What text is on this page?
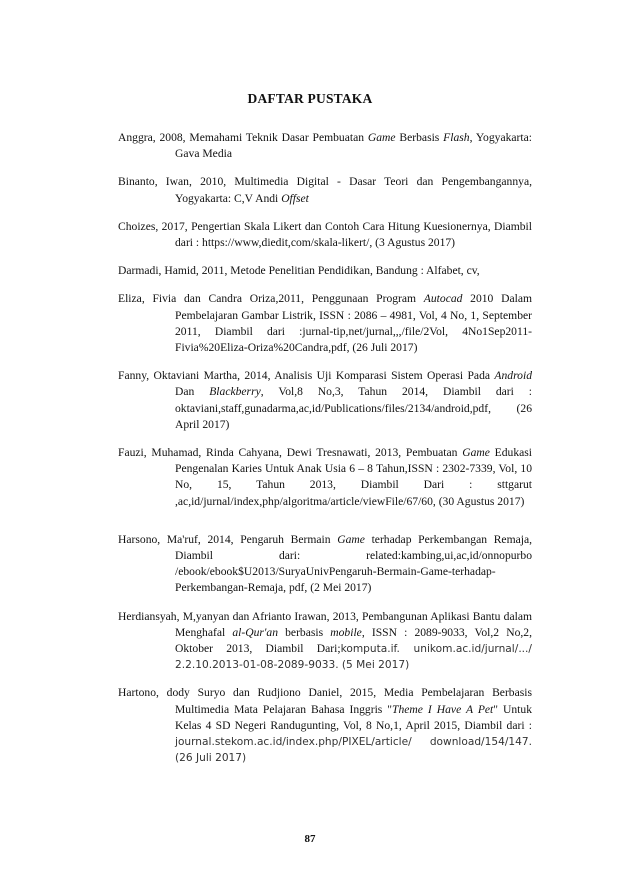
DAFTAR PUSTAKA

Anggra, 2008, Memahami Teknik Dasar Pembuatan Game Berbasis Flash, Yogyakarta: Gava Media

Binanto, Iwan, 2010, Multimedia Digital - Dasar Teori dan Pengembangannya, Yogyakarta: C,V Andi Offset

Choizes, 2017, Pengertian Skala Likert dan Contoh Cara Hitung Kuesionernya, Diambil dari : https://www,diedit,com/skala-likert/, (3 Agustus 2017)

Darmadi, Hamid, 2011, Metode Penelitian Pendidikan, Bandung : Alfabet, cv,

Eliza, Fivia dan Candra Oriza,2011, Penggunaan Program Autocad 2010 Dalam Pembelajaran Gambar Listrik, ISSN : 2086 – 4981, Vol, 4 No, 1, September 2011, Diambil dari :jurnal-tip,net/jurnal,,,/file/2Vol, 4No1Sep2011-Fivia%20Eliza-Oriza%20Candra,pdf, (26 Juli 2017)

Fanny, Oktaviani Martha, 2014, Analisis Uji Komparasi Sistem Operasi Pada Android Dan Blackberry, Vol,8 No,3, Tahun 2014, Diambil dari : oktaviani,staff,gunadarma,ac,id/Publications/files/2134/android,pdf, (26 April 2017)

Fauzi, Muhamad, Rinda Cahyana, Dewi Tresnawati, 2013, Pembuatan Game Edukasi Pengenalan Karies Untuk Anak Usia 6 – 8 Tahun,ISSN : 2302-7339, Vol, 10 No, 15, Tahun 2013, Diambil Dari : sttgarut ,ac,id/jurnal/index,php/algoritma/article/viewFile/67/60, (30 Agustus 2017)

Harsono, Ma'ruf, 2014, Pengaruh Bermain Game terhadap Perkembangan Remaja, Diambil dari: related:kambing,ui,ac,id/onnopurbo /ebook/ebook$U2013/SuryaUnivPengaruh-Bermain-Game-terhadap-Perkembangan-Remaja, pdf, (2 Mei 2017)

Herdiansyah, M,yanyan dan Afrianto Irawan, 2013, Pembangunan Aplikasi Bantu dalam Menghafal al-Qur'an berbasis mobile, ISSN : 2089-9033, Vol,2 No,2, Oktober 2013, Diambil Dari;komputa.if. unikom.ac.id/jurnal/.../ 2.2.10.2013-01-08-2089-9033. (5 Mei 2017)

Hartono, dody Suryo dan Rudjiono Daniel, 2015, Media Pembelajaran Berbasis Multimedia Mata Pelajaran Bahasa Inggris "Theme I Have A Pet" Untuk Kelas 4 SD Negeri Randugunting, Vol, 8 No,1, April 2015, Diambil dari : journal.stekom.ac.id/index.php/PIXEL/article/ download/154/147. (26 Juli 2017)

87
